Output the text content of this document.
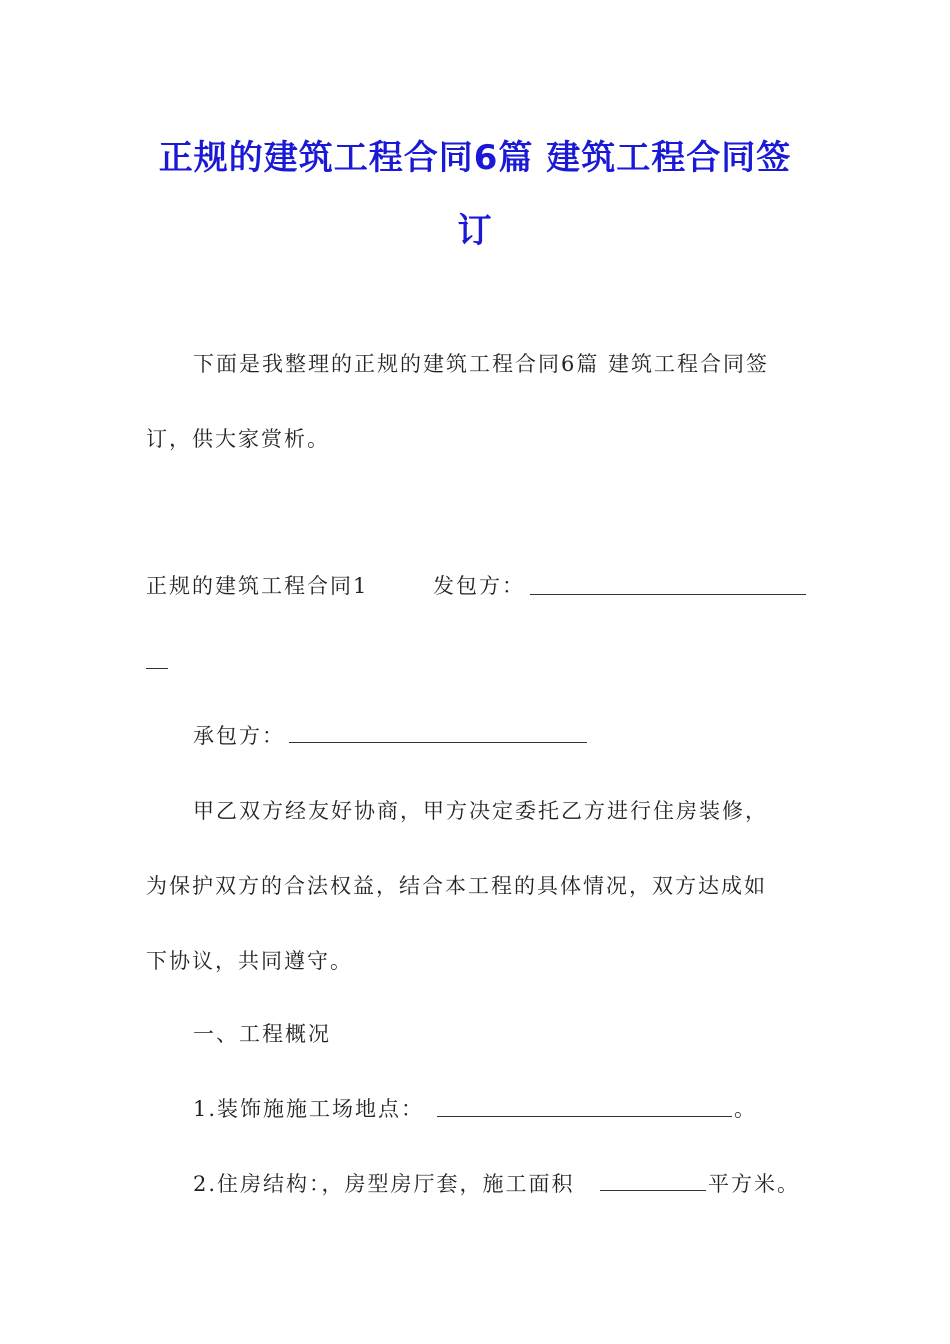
正规的建筑工程合同6篇 建筑工程合同签
订
下面是我整理的正规的建筑工程合同6篇 建筑工程合同签
订，供大家赏析。
正规的建筑工程合同1	发包方：
承包方：
甲乙双方经友好协商，甲方决定委托乙方进行住房装修，
为保护双方的合法权益，结合本工程的具体情况，双方达成如
下协议，共同遵守。
一、工程概况
1.装饰施施工场地点：	。
2.住房结构：，房型房厅套，施工面积	平方米。
